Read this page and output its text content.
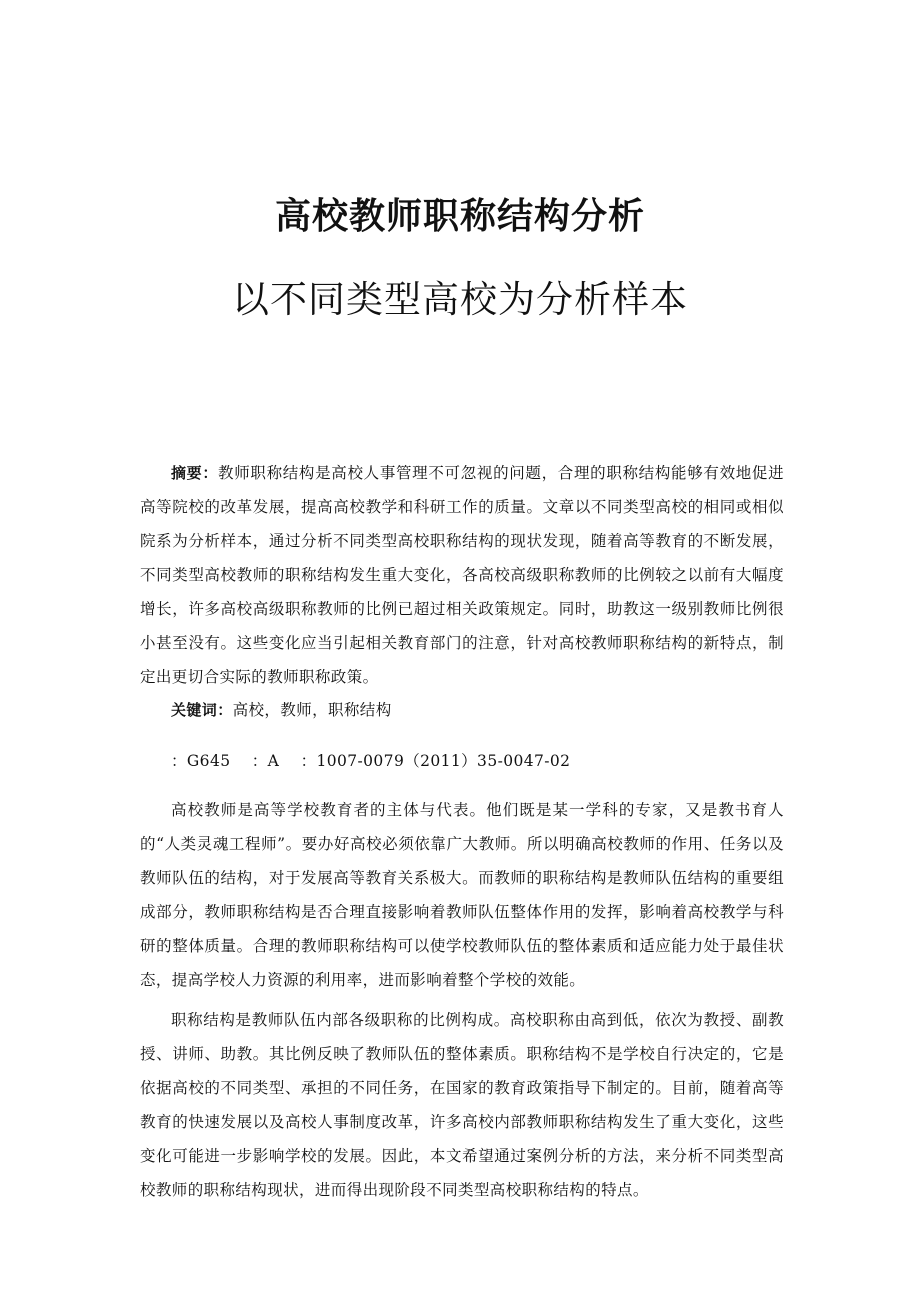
高校教师职称结构分析
以不同类型高校为分析样本
摘要：教师职称结构是高校人事管理不可忽视的问题，合理的职称结构能够有效地促进高等院校的改革发展，提高高校教学和科研工作的质量。文章以不同类型高校的相同或相似院系为分析样本，通过分析不同类型高校职称结构的现状发现，随着高等教育的不断发展，不同类型高校教师的职称结构发生重大变化，各高校高级职称教师的比例较之以前有大幅度增长，许多高校高级职称教师的比例已超过相关政策规定。同时，助教这一级别教师比例很小甚至没有。这些变化应当引起相关教育部门的注意，针对高校教师职称结构的新特点，制定出更切合实际的教师职称政策。
关键词：高校，教师，职称结构
：G645    ：A    ：1007-0079（2011）35-0047-02
高校教师是高等学校教育者的主体与代表。他们既是某一学科的专家，又是教书育人的“人类灵魂工程师”。要办好高校必须依靠广大教师。所以明确高校教师的作用、任务以及教师队伍的结构，对于发展高等教育关系极大。而教师的职称结构是教师队伍结构的重要组成部分，教师职称结构是否合理直接影响着教师队伍整体作用的发挥，影响着高校教学与科研的整体质量。合理的教师职称结构可以使学校教师队伍的整体素质和适应能力处于最佳状态，提高学校人力资源的利用率，进而影响着整个学校的效能。
职称结构是教师队伍内部各级职称的比例构成。高校职称由高到低，依次为教授、副教授、讲师、助教。其比例反映了教师队伍的整体素质。职称结构不是学校自行决定的，它是依据高校的不同类型、承担的不同任务，在国家的教育政策指导下制定的。目前，随着高等教育的快速发展以及高校人事制度改革，许多高校内部教师职称结构发生了重大变化，这些变化可能进一步影响学校的发展。因此，本文希望通过案例分析的方法，来分析不同类型高校教师的职称结构现状，进而得出现阶段不同类型高校职称结构的特点。
